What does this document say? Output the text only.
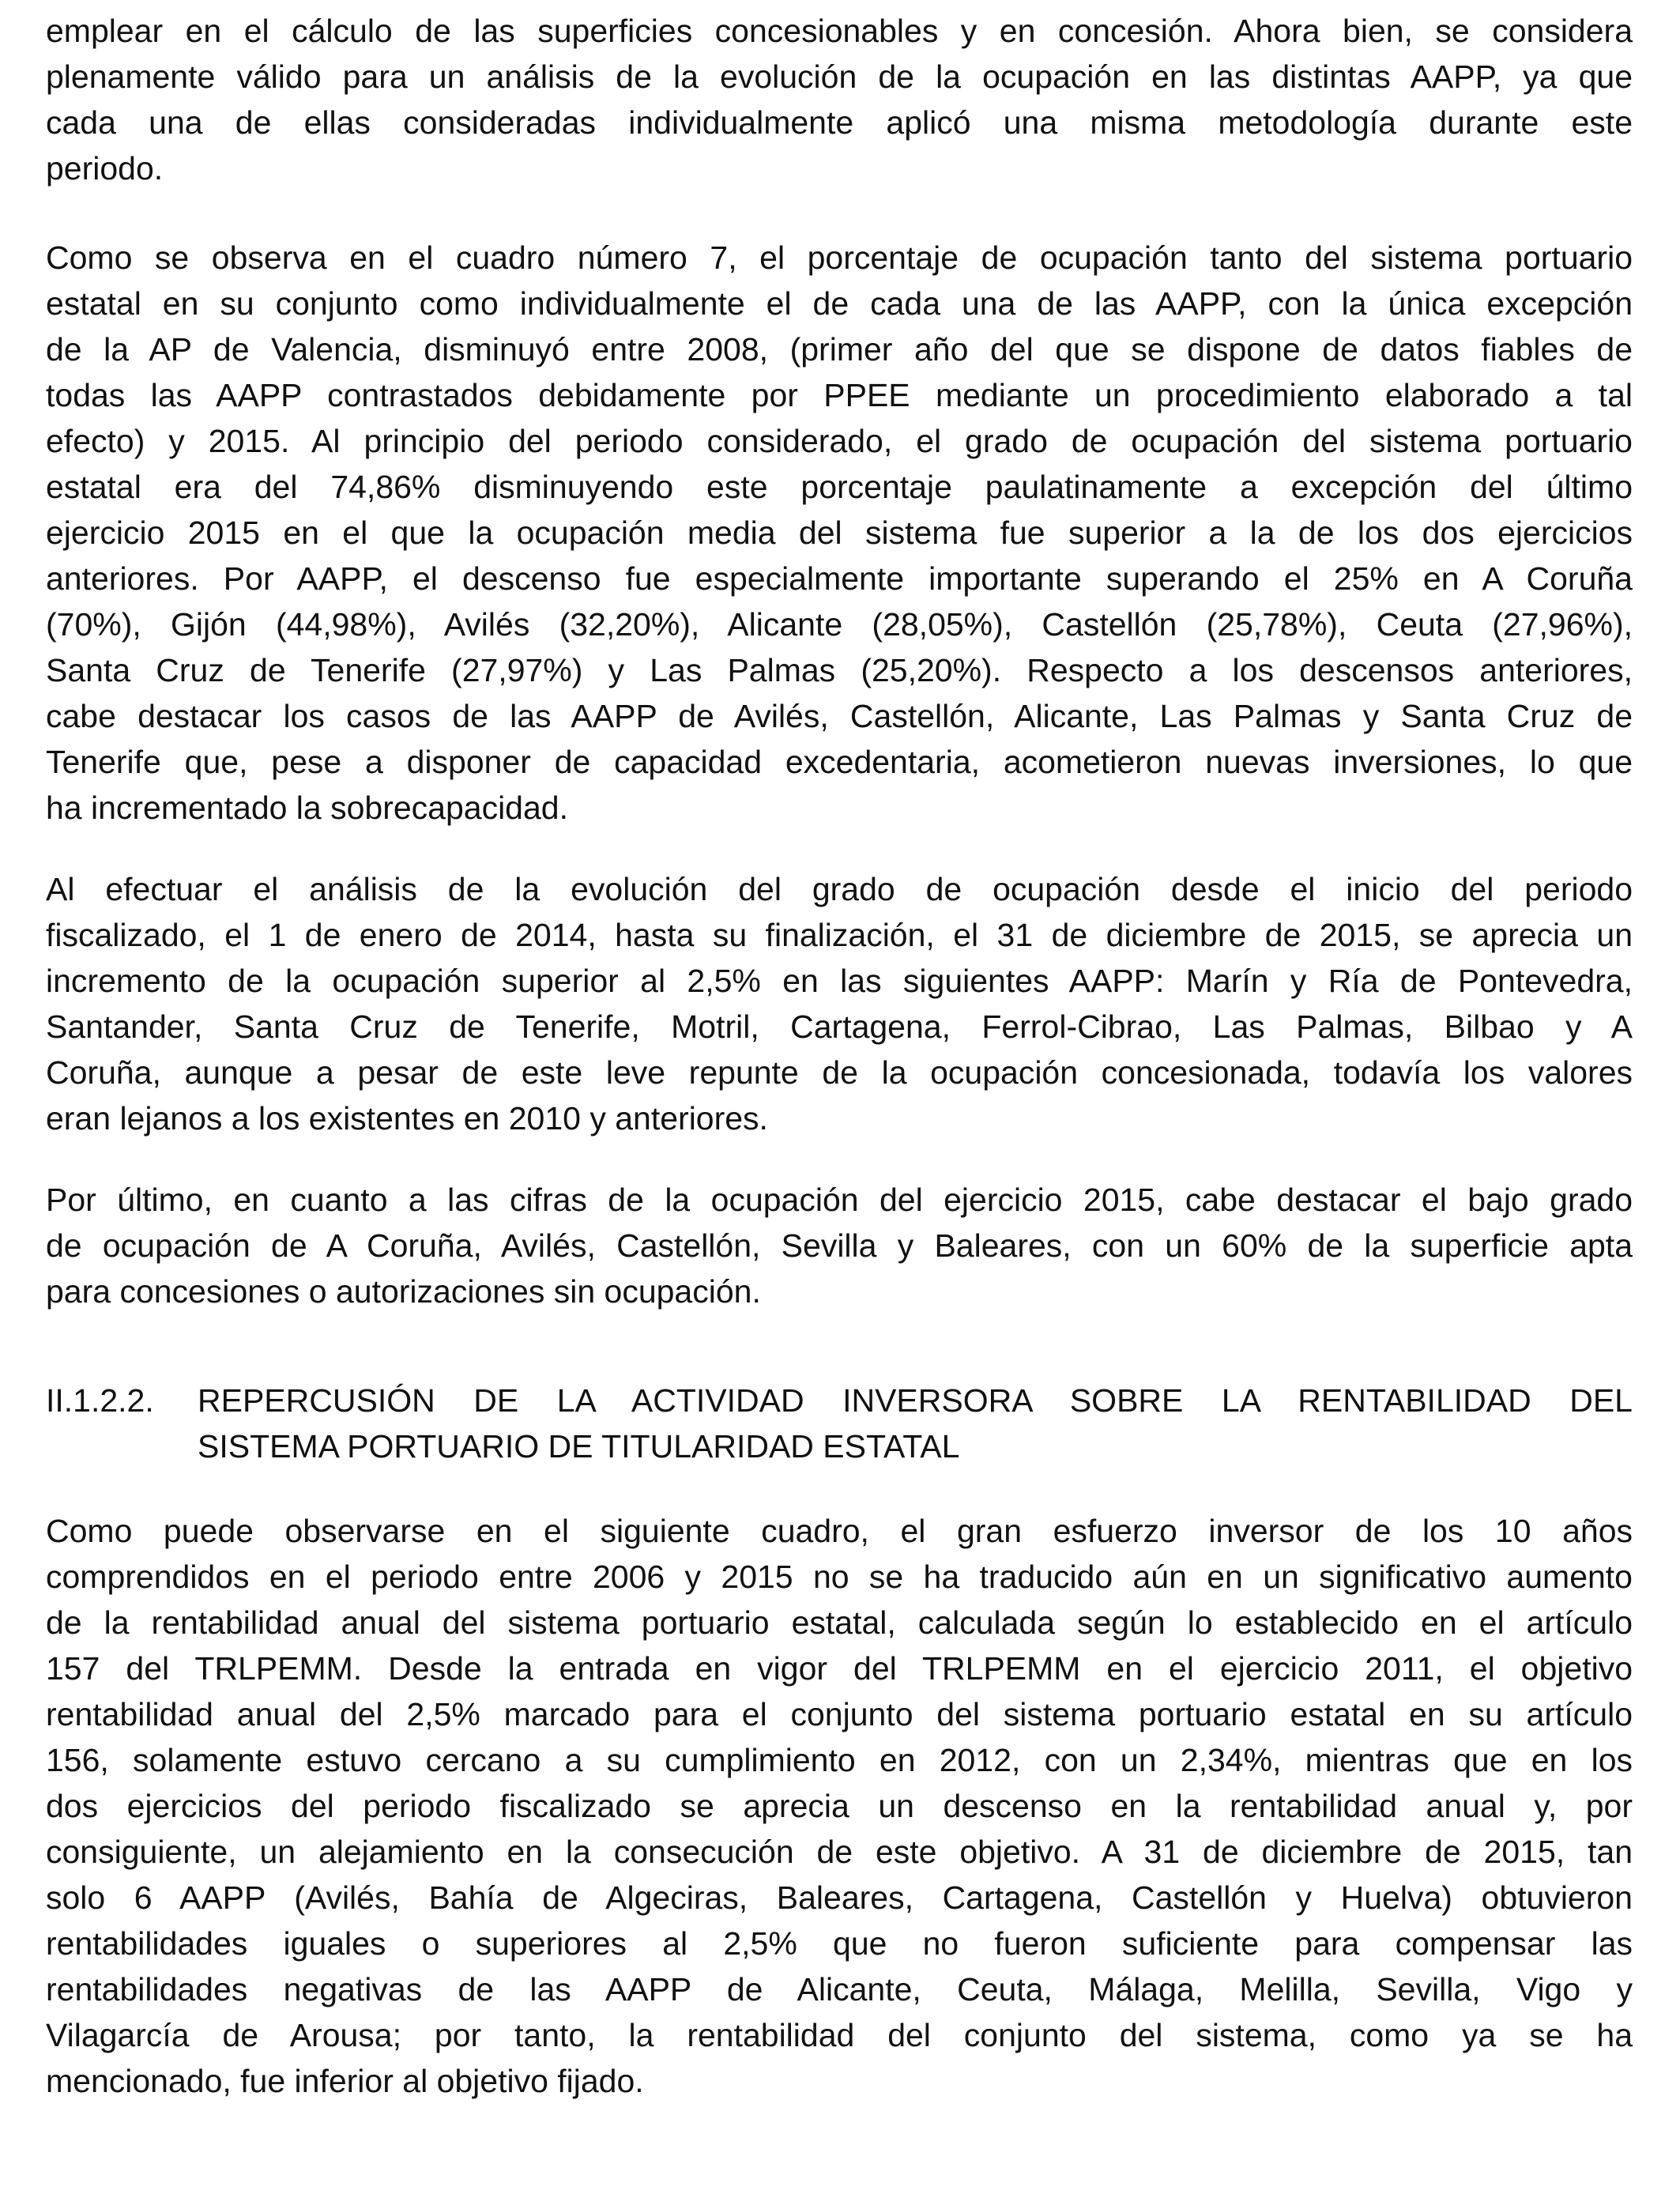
emplear en el cálculo de las superficies concesionables y en concesión. Ahora bien, se considera
plenamente válido para un análisis de la evolución de la ocupación en las distintas AAPP, ya que
cada una de ellas consideradas individualmente aplicó una misma metodología durante este
periodo.
Como se observa en el cuadro número 7, el porcentaje de ocupación tanto del sistema portuario
estatal en su conjunto como individualmente el de cada una de las AAPP, con la única excepción
de la AP de Valencia, disminuyó entre 2008, (primer año del que se dispone de datos fiables de
todas las AAPP contrastados debidamente por PPEE mediante un procedimiento elaborado a tal
efecto) y 2015. Al principio del periodo considerado, el grado de ocupación del sistema portuario
estatal era del 74,86% disminuyendo este porcentaje paulatinamente a excepción del último
ejercicio 2015 en el que la ocupación media del sistema fue superior a la de los dos ejercicios
anteriores. Por AAPP, el descenso fue especialmente importante superando el 25% en A Coruña
(70%), Gijón (44,98%), Avilés (32,20%), Alicante (28,05%), Castellón (25,78%), Ceuta (27,96%),
Santa Cruz de Tenerife (27,97%) y Las Palmas (25,20%). Respecto a los descensos anteriores,
cabe destacar los casos de las AAPP de Avilés, Castellón, Alicante, Las Palmas y Santa Cruz de
Tenerife que, pese a disponer de capacidad excedentaria, acometieron nuevas inversiones, lo que
ha incrementado la sobrecapacidad.
Al efectuar el análisis de la evolución del grado de ocupación desde el inicio del periodo
fiscalizado, el 1 de enero de 2014, hasta su finalización, el 31 de diciembre de 2015, se aprecia un
incremento de la ocupación superior al 2,5% en las siguientes AAPP: Marín y Ría de Pontevedra,
Santander, Santa Cruz de Tenerife, Motril, Cartagena, Ferrol-Cibrao, Las Palmas, Bilbao y A
Coruña, aunque a pesar de este leve repunte de la ocupación concesionada, todavía los valores
eran lejanos a los existentes en 2010 y anteriores.
Por último, en cuanto a las cifras de la ocupación del ejercicio 2015, cabe destacar el bajo grado
de ocupación de A Coruña, Avilés, Castellón, Sevilla y Baleares, con un 60% de la superficie apta
para concesiones o autorizaciones sin ocupación.
II.1.2.2. REPERCUSIÓN DE LA ACTIVIDAD INVERSORA SOBRE LA RENTABILIDAD DEL
SISTEMA PORTUARIO DE TITULARIDAD ESTATAL
Como puede observarse en el siguiente cuadro, el gran esfuerzo inversor de los 10 años
comprendidos en el periodo entre 2006 y 2015 no se ha traducido aún en un significativo aumento
de la rentabilidad anual del sistema portuario estatal, calculada según lo establecido en el artículo
157 del TRLPEMM. Desde la entrada en vigor del TRLPEMM en el ejercicio 2011, el objetivo
rentabilidad anual del 2,5% marcado para el conjunto del sistema portuario estatal en su artículo
156, solamente estuvo cercano a su cumplimiento en 2012, con un 2,34%, mientras que en los
dos ejercicios del periodo fiscalizado se aprecia un descenso en la rentabilidad anual y, por
consiguiente, un alejamiento en la consecución de este objetivo. A 31 de diciembre de 2015, tan
solo 6 AAPP (Avilés, Bahía de Algeciras, Baleares, Cartagena, Castellón y Huelva) obtuvieron
rentabilidades iguales o superiores al 2,5% que no fueron suficiente para compensar las
rentabilidades negativas de las AAPP de Alicante, Ceuta, Málaga, Melilla, Sevilla, Vigo y
Vilagarcía de Arousa; por tanto, la rentabilidad del conjunto del sistema, como ya se ha
mencionado, fue inferior al objetivo fijado.
